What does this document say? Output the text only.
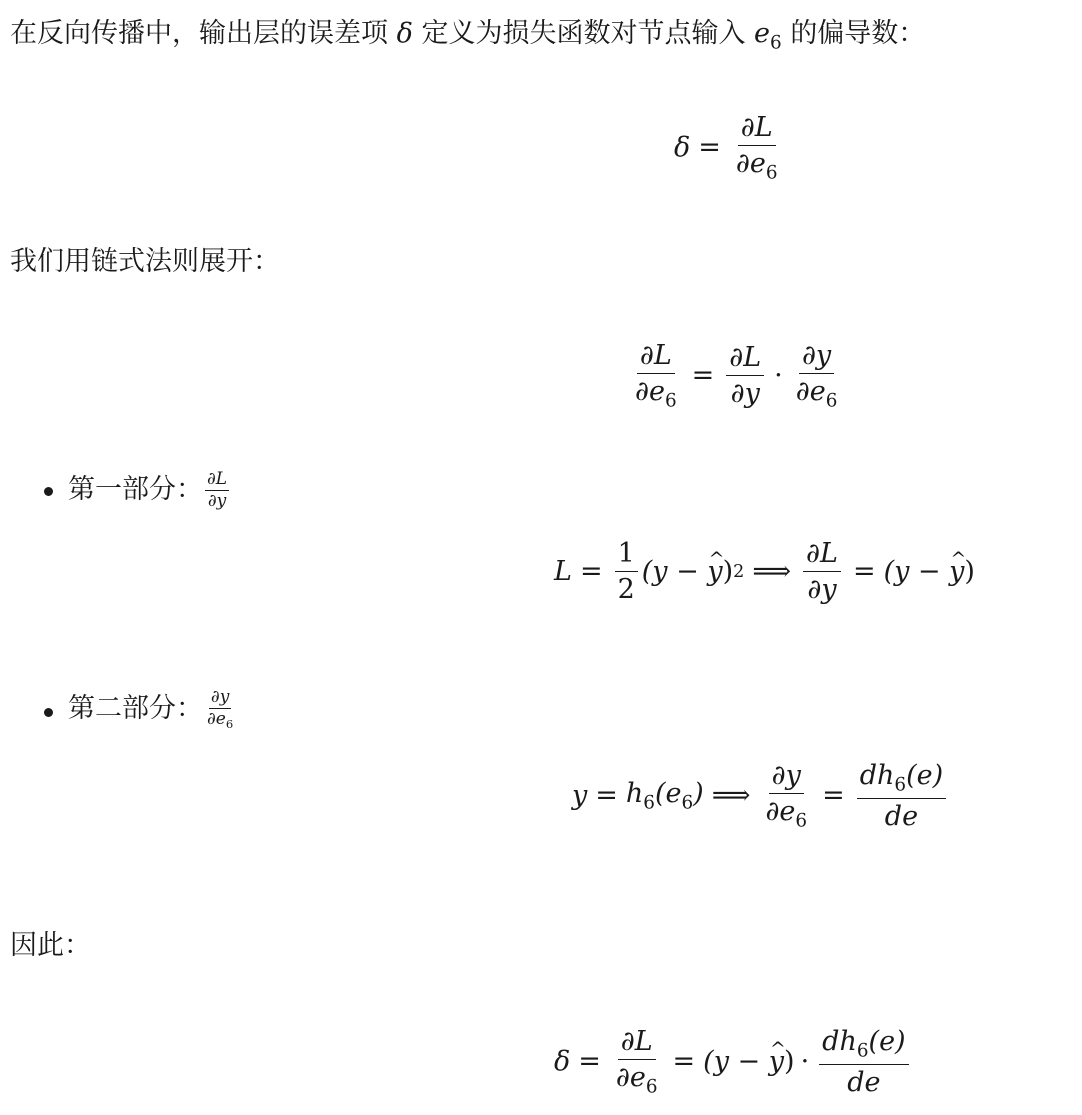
在反向传播中，输出层的误差项 δ 定义为损失函数对节点输入 $e_6$ 的偏导数：
$\delta = \frac{\partial L}{\partial e_6}$
我们用链式法则展开：
$\frac{\partial L}{\partial e_6} = \frac{\partial L}{\partial y} \cdot \frac{\partial y}{\partial e_6}$
第一部分： $\frac{\partial L}{\partial y}$
$L = \frac{1}{2} (y$ −
y ^ ) 2 ⟹ $\frac{\partial L}{\partial y} = (y$ −
y ^ )
第二部分： $\frac{\partial y}{\partial e_6}$
$y = h_6(e_6)$ ⟹ $\frac{\partial y}{\partial e_6} = \frac{dh_6(e)}{de}$
因此：
$\delta = \frac{\partial L}{\partial e_6} = (y$ −
y ^ ) · $\frac{dh_6(e)}{de}$
